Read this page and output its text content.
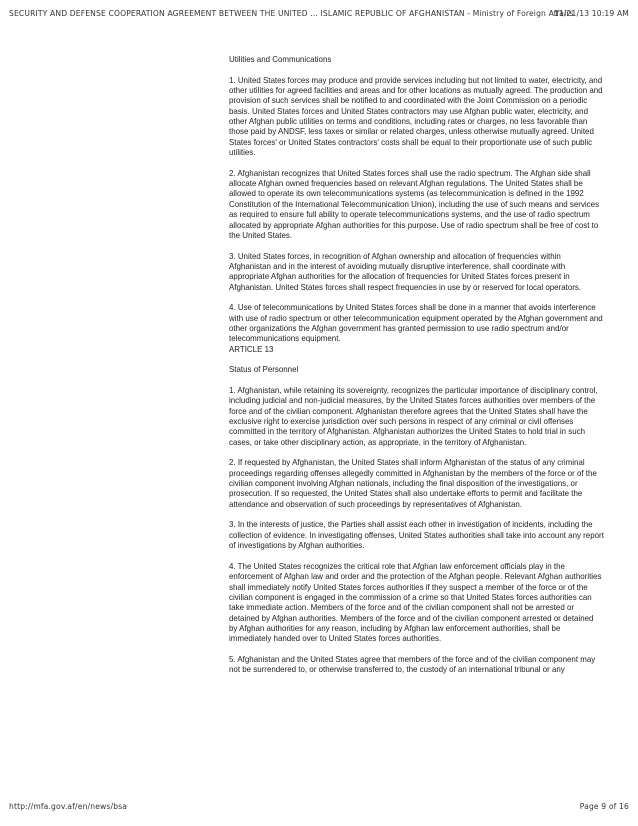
SECURITY AND DEFENSE COOPERATION AGREEMENT BETWEEN THE UNITED ... ISLAMIC REPUBLIC OF AFGHANISTAN - Ministry of Foreign Affairs
11/21/13 10:19 AM

Utilities and Communications

1. United States forces may produce and provide services including but not limited to water, electricity, and other utilities for agreed facilities and areas and for other locations as mutually agreed. The production and provision of such services shall be notified to and coordinated with the Joint Commission on a periodic basis. United States forces and United States contractors may use Afghan public water, electricity, and other Afghan public utilities on terms and conditions, including rates or charges, no less favorable than those paid by ANDSF, less taxes or similar or related charges, unless otherwise mutually agreed. United States forces' or United States contractors' costs shall be equal to their proportionate use of such public utilities.

2. Afghanistan recognizes that United States forces shall use the radio spectrum. The Afghan side shall allocate Afghan owned frequencies based on relevant Afghan regulations. The United States shall be allowed to operate its own telecommunications systems (as telecommunication is defined in the 1992 Constitution of the International Telecommunication Union), including the use of such means and services as required to ensure full ability to operate telecommunications systems, and the use of radio spectrum allocated by appropriate Afghan authorities for this purpose. Use of radio spectrum shall be free of cost to the United States.

3. United States forces, in recognition of Afghan ownership and allocation of frequencies within Afghanistan and in the interest of avoiding mutually disruptive interference, shall coordinate with appropriate Afghan authorities for the allocation of frequencies for United States forces present in Afghanistan. United States forces shall respect frequencies in use by or reserved for local operators.

4. Use of telecommunications by United States forces shall be done in a manner that avoids interference with use of radio spectrum or other telecommunication equipment operated by the Afghan government and other organizations the Afghan government has granted permission to use radio spectrum and/or telecommunications equipment.

ARTICLE 13

Status of Personnel

1. Afghanistan, while retaining its sovereignty, recognizes the particular importance of disciplinary control, including judicial and non-judicial measures, by the United States forces authorities over members of the force and of the civilian component. Afghanistan therefore agrees that the United States shall have the exclusive right to exercise jurisdiction over such persons in respect of any criminal or civil offenses committed in the territory of Afghanistan. Afghanistan authorizes the United States to hold trial in such cases, or take other disciplinary action, as appropriate, in the territory of Afghanistan.

2. If requested by Afghanistan, the United States shall inform Afghanistan of the status of any criminal proceedings regarding offenses allegedly committed in Afghanistan by the members of the force or of the civilian component involving Afghan nationals, including the final disposition of the investigations, or prosecution. If so requested, the United States shall also undertake efforts to permit and facilitate the attendance and observation of such proceedings by representatives of Afghanistan.

3. In the interests of justice, the Parties shall assist each other in investigation of incidents, including the collection of evidence. In investigating offenses, United States authorities shall take into account any report of investigations by Afghan authorities.

4. The United States recognizes the critical role that Afghan law enforcement officials play in the enforcement of Afghan law and order and the protection of the Afghan people. Relevant Afghan authorities shall immediately notify United States forces authorities if they suspect a member of the force or of the civilian component is engaged in the commission of a crime so that United States forces authorities can take immediate action. Members of the force and of the civilian component shall not be arrested or detained by Afghan authorities. Members of the force and of the civilian component arrested or detained by Afghan authorities for any reason, including by Afghan law enforcement authorities, shall be immediately handed over to United States forces authorities.

5. Afghanistan and the United States agree that members of the force and of the civilian component may not be surrendered to, or otherwise transferred to, the custody of an international tribunal or any

http://mfa.gov.af/en/news/bsa	Page 9 of 16
